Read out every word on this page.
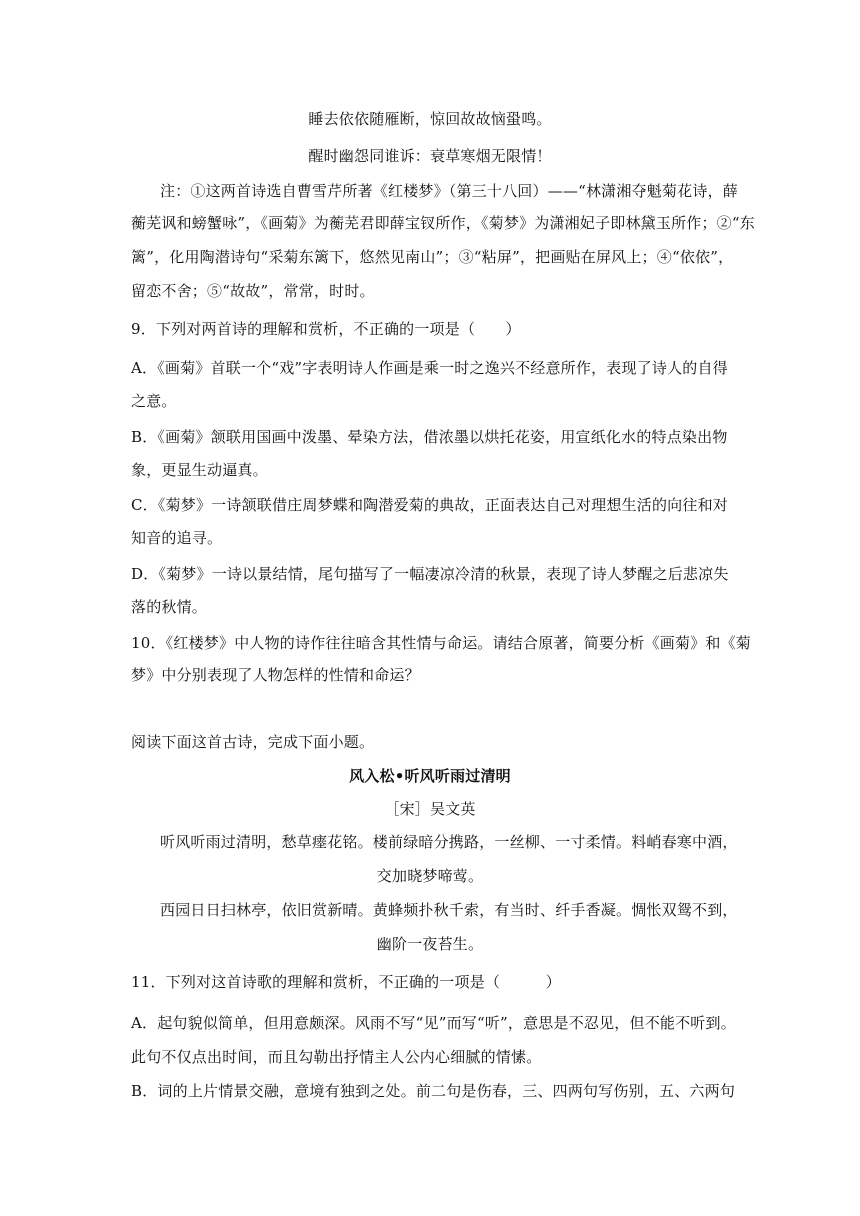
睡去依依随雁断，惊回故故恼蛩鸣。
醒时幽怨同谁诉：衰草寒烟无限情！
注：①这两首诗选自曹雪芹所著《红楼梦》（第三十八回）——“林潇湘夺魁菊花诗，薛
蘅芜讽和螃蟹咏”，《画菊》为蘅芜君即薛宝钗所作，《菊梦》为潇湘妃子即林黛玉所作；②“东
篱”，化用陶潜诗句“采菊东篱下，悠然见南山”；③“粘屏”，把画贴在屏风上；④“依依”，
留恋不舍；⑤“故故”，常常，时时。
9．下列对两首诗的理解和赏析，不正确的一项是（　　）
A．《画菊》首联一个“戏”字表明诗人作画是乘一时之逸兴不经意所作，表现了诗人的自得
之意。
B．《画菊》颔联用国画中泼墨、晕染方法，借浓墨以烘托花姿，用宣纸化水的特点染出物
象，更显生动逼真。
C．《菊梦》一诗颔联借庄周梦蝶和陶潜爱菊的典故，正面表达自己对理想生活的向往和对
知音的追寻。
D．《菊梦》一诗以景结情，尾句描写了一幅凄凉冷清的秋景，表现了诗人梦醒之后悲凉失
落的秋情。
10．《红楼梦》中人物的诗作往往暗含其性情与命运。请结合原著，简要分析《画菊》和《菊
梦》中分别表现了人物怎样的性情和命运？
阅读下面这首古诗，完成下面小题。
风入松•听风听雨过清明
［宋］吴文英
听风听雨过清明，愁草瘗花铭。楼前绿暗分携路，一丝柳、一寸柔情。料峭春寒中酒，
交加晓梦啼莺。
西园日日扫林亭，依旧赏新晴。黄蜂频扑秋千索，有当时、纤手香凝。惆怅双鸳不到，
幽阶一夜苔生。
11．下列对这首诗歌的理解和赏析，不正确的一项是（　　　）
A．起句貌似简单，但用意颇深。风雨不写“见”而写“听”，意思是不忍见，但不能不听到。
此句不仅点出时间，而且勾勒出抒情主人公内心细腻的情愫。
B．词的上片情景交融，意境有独到之处。前二句是伤春，三、四两句写伤别，五、六两句
